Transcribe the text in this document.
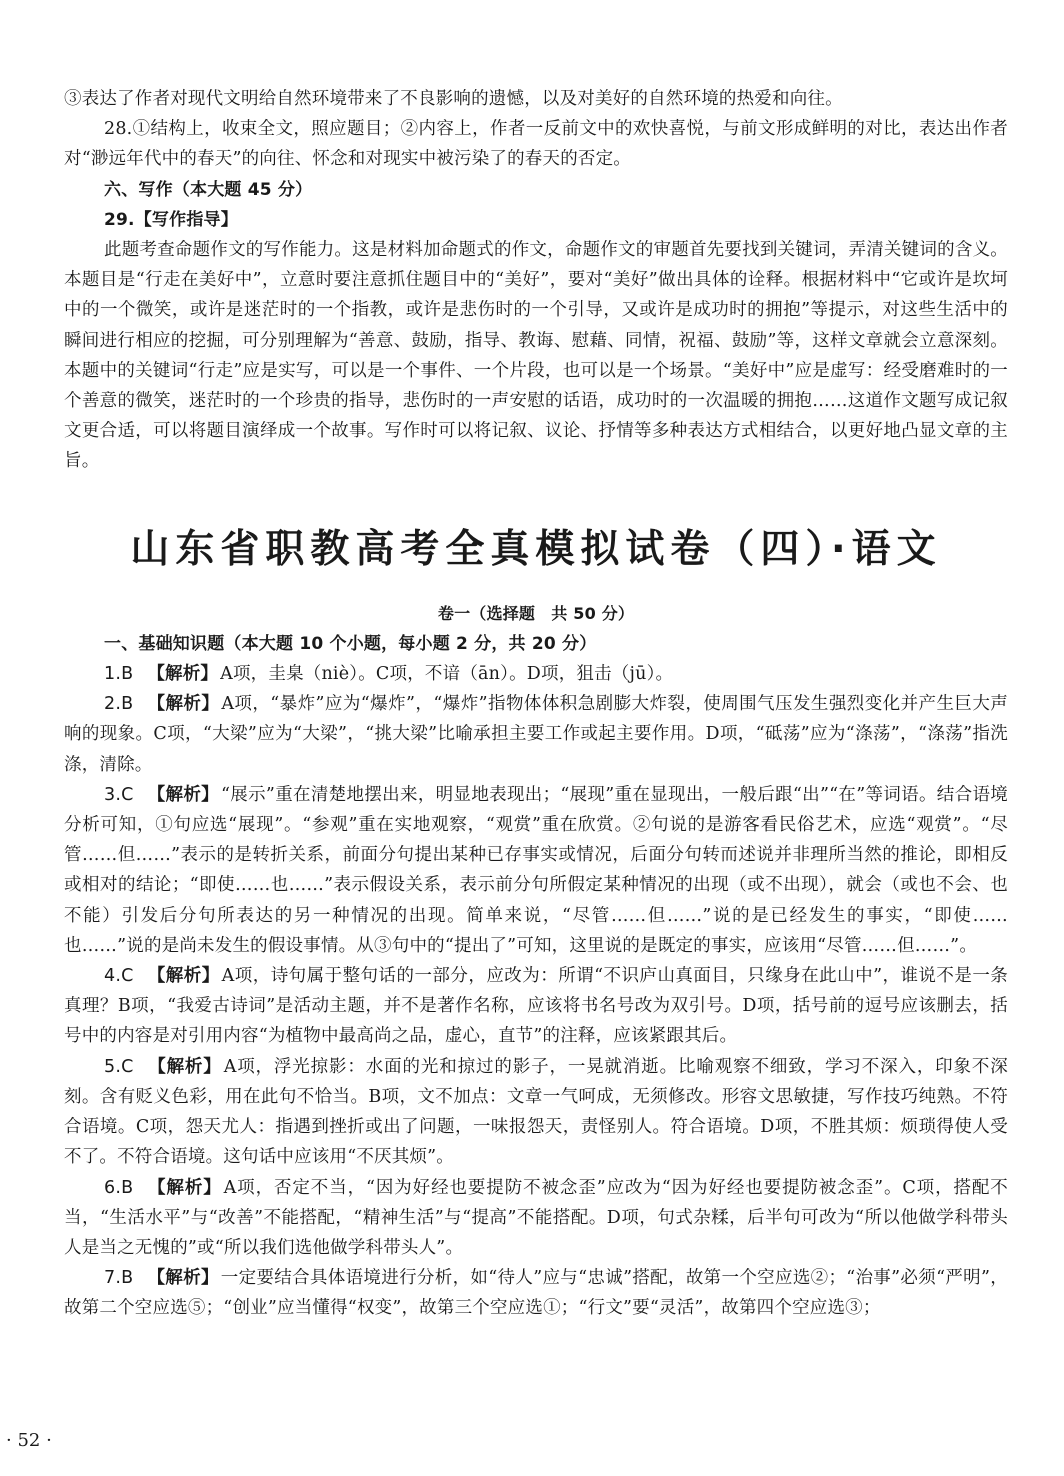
③表达了作者对现代文明给自然环境带来了不良影响的遗憾，以及对美好的自然环境的热爱和向往。

28.①结构上，收束全文，照应题目；②内容上，作者一反前文中的欢快喜悦，与前文形成鲜明的对比，表达出作者对“渺远年代中的春天”的向往、怀念和对现实中被污染了的春天的否定。

六、写作（本大题 45 分）

29.【写作指导】

此题考查命题作文的写作能力。这是材料加命题式的作文，命题作文的审题首先要找到关键词，弄清关键词的含义。本题目是“行走在美好中”，立意时要注意抓住题目中的“美好”，要对“美好”做出具体的诠释。根据材料中“它或许是坎坷中的一个微笑，或许是迷茫时的一个指教，或许是悲伤时的一个引导，又或许是成功时的拥抱”等提示，对这些生活中的瞬间进行相应的挖掘，可分别理解为“善意、鼓励，指导、教诲、慰藉、同情，祝福、鼓励”等，这样文章就会立意深刻。本题中的关键词“行走”应是实写，可以是一个事件、一个片段，也可以是一个场景。“美好中”应是虚写：经受磨难时的一个善意的微笑，迷茫时的一个珍贵的指导，悲伤时的一声安慰的话语，成功时的一次温暖的拥抱……这道作文题写成记叙文更合适，可以将题目演绎成一个故事。写作时可以将记叙、议论、抒情等多种表达方式相结合，以更好地凸显文章的主旨。

山东省职教高考全真模拟试卷（四）·语文

卷一（选择题　共 50 分）

一、基础知识题（本大题 10 个小题，每小题 2 分，共 20 分）

1.B 【解析】 A项，圭臬（niè）。C项，不谙（ān）。D项，狙击（jū）。

2.B 【解析】 A项，“暴炸”应为“爆炸”，“爆炸”指物体体积急剧膨大炸裂，使周围气压发生强烈变化并产生巨大声响的现象。C项，“大梁”应为“大梁”，“挑大梁”比喻承担主要工作或起主要作用。D项，“砥荡”应为“涤荡”，“涤荡”指洗涤，清除。

3.C 【解析】 “展示”重在清楚地摆出来，明显地表现出；“展现”重在显现出，一般后跟“出”“在”等词语。结合语境分析可知，①句应选“展现”。“参观”重在实地观察，“观赏”重在欣赏。②句说的是游客看民俗艺术，应选“观赏”。“尽管……但……”表示的是转折关系，前面分句提出某种已存事实或情况，后面分句转而述说并非理所当然的推论，即相反或相对的结论；“即使……也……”表示假设关系，表示前分句所假定某种情况的出现（或不出现），就会（或也不会、也不能）引发后分句所表达的另一种情况的出现。简单来说，“尽管……但……”说的是已经发生的事实，“即使……也……”说的是尚未发生的假设事情。从③句中的“提出了”可知，这里说的是既定的事实，应该用“尽管……但……”。

4.C 【解析】 A项，诗句属于整句话的一部分，应改为：所谓“不识庐山真面目，只缘身在此山中”，谁说不是一条真理？B项，“我爱古诗词”是活动主题，并不是著作名称，应该将书名号改为双引号。D项，括号前的逗号应该删去，括号中的内容是对引用内容“为植物中最高尚之品，虚心，直节”的注释，应该紧跟其后。

5.C 【解析】 A项，浮光掠影：水面的光和掠过的影子，一晃就消逝。比喻观察不细致，学习不深入，印象不深刻。含有贬义色彩，用在此句不恰当。B项，文不加点：文章一气呵成，无须修改。形容文思敏捷，写作技巧纯熟。不符合语境。C项，怨天尤人：指遇到挫折或出了问题，一味报怨天，责怪别人。符合语境。D项，不胜其烦：烦琐得使人受不了。不符合语境。这句话中应该用“不厌其烦”。

6.B 【解析】 A项，否定不当，“因为好经也要提防不被念歪”应改为“因为好经也要提防被念歪”。C项，搭配不当，“生活水平”与“改善”不能搭配，“精神生活”与“提高”不能搭配。D项，句式杂糅，后半句可改为“所以他做学科带头人是当之无愧的”或“所以我们选他做学科带头人”。

7.B 【解析】 一定要结合具体语境进行分析，如“待人”应与“忠诚”搭配，故第一个空应选②；“治事”必须“严明”，故第二个空应选⑤；“创业”应当懂得“权变”，故第三个空应选①；“行文”要“灵活”，故第四个空应选③；

· 52 ·
